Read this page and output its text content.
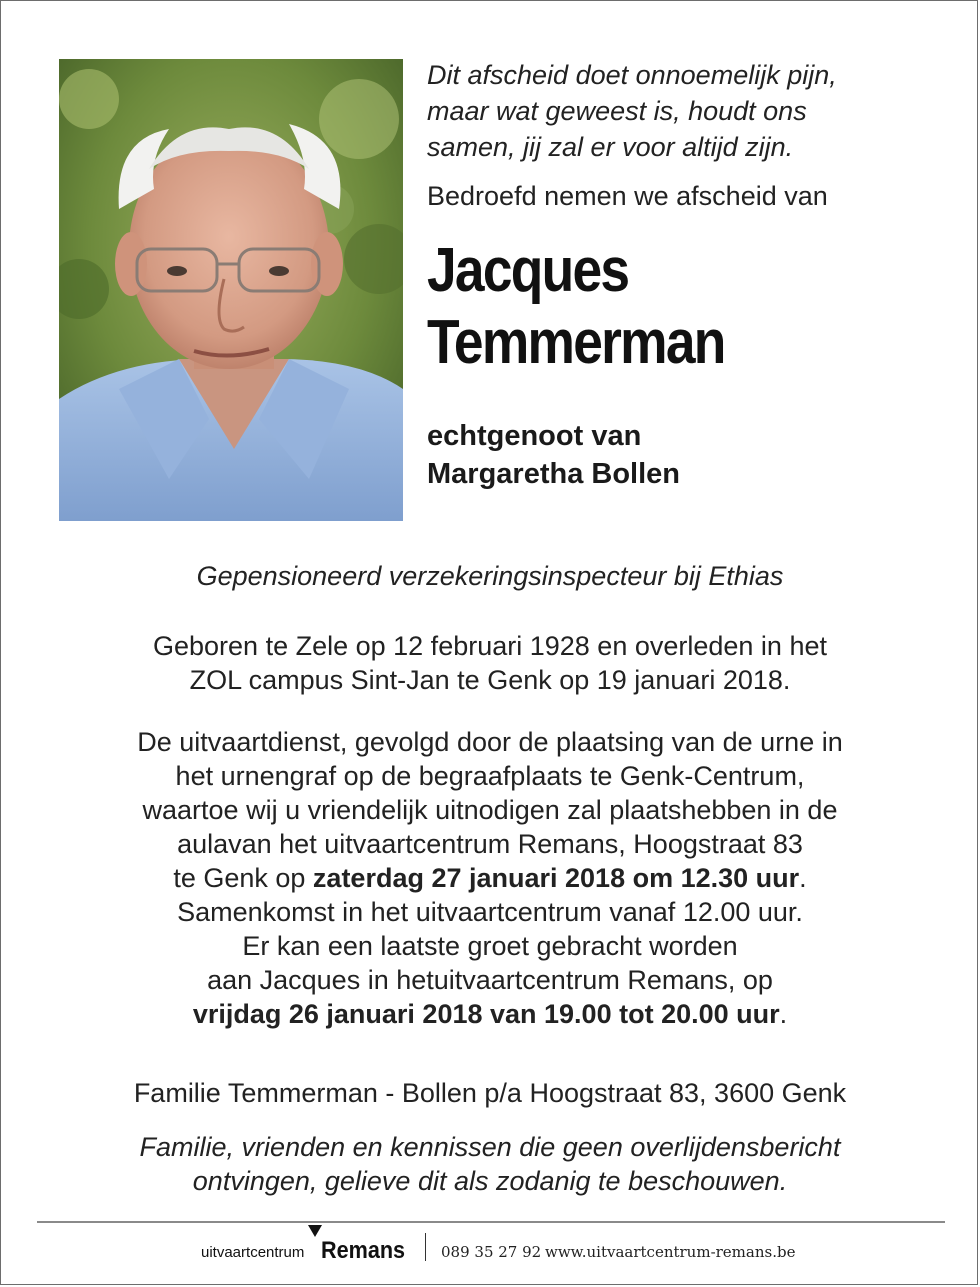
Dit afscheid doet onnoemelijk pijn,
maar wat geweest is, houdt ons
samen, jij zal er voor altijd zijn.

Bedroefd nemen we afscheid van

Jacques
Temmerman

echtgenoot van
Margaretha Bollen

Gepensioneerd verzekeringsinspecteur bij Ethias
Geboren te Zele op 12 februari 1928 en overleden in het
ZOL campus Sint-Jan te Genk op 19 januari 2018.
De uitvaartdienst, gevolgd door de plaatsing van de urne in
het urnengraf op de begraafplaats te Genk-Centrum,
waartoe wij u vriendelijk uitnodigen zal plaatshebben in de
aulavan het uitvaartcentrum Remans, Hoogstraat 83
te Genk op zaterdag 27 januari 2018 om 12.30 uur.
Samenkomst in het uitvaartcentrum vanaf 12.00 uur.
Er kan een laatste groet gebracht worden
aan Jacques in hetuitvaartcentrum Remans, op
vrijdag 26 januari 2018 van 19.00 tot 20.00 uur.
Familie Temmerman - Bollen p/a Hoogstraat 83, 3600 Genk
Familie, vrienden en kennissen die geen overlijdensbericht
ontvingen, gelieve dit als zodanig te beschouwen.
uitvaartcentrum Remans 089 35 27 92 www.uitvaartcentrum-remans.be
